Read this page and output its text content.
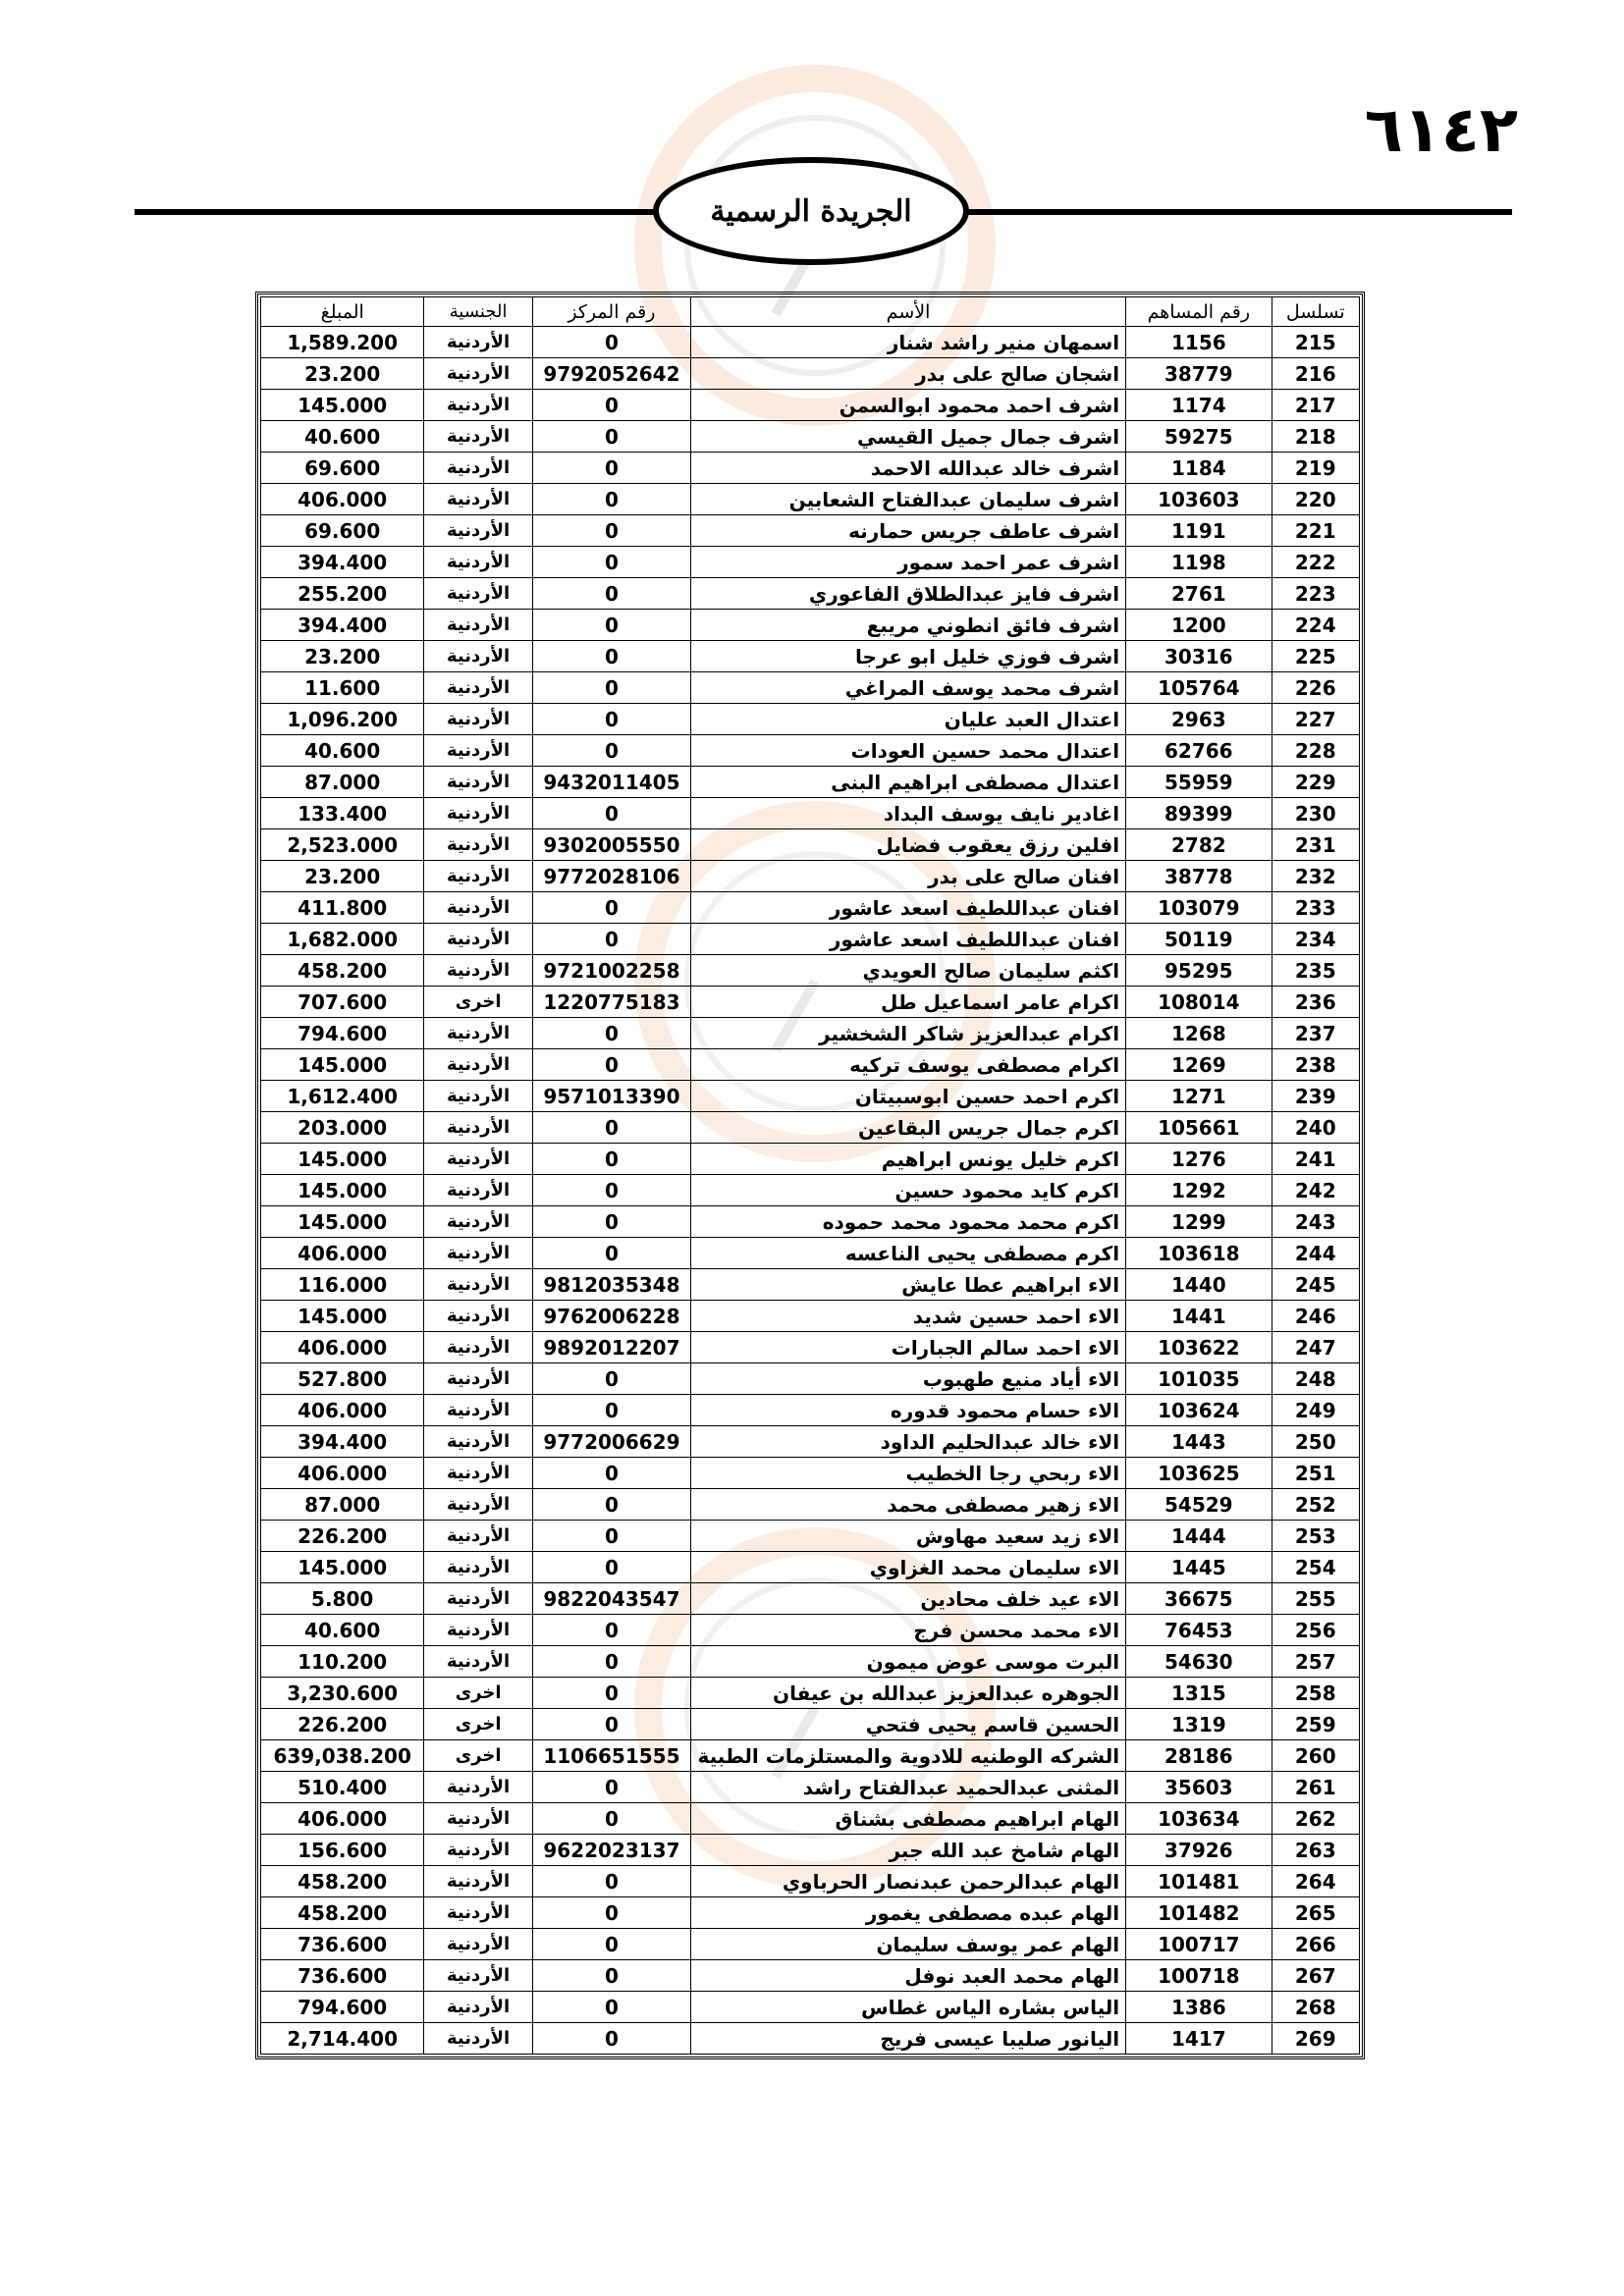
٦١٤٢
الجريدة الرسمية
تسلسل	رقم المساهم	الأسم	رقم المركز	الجنسية	المبلغ
215	1156	اسمهان منير راشد شنار	0	الأردنية	1,589.200
216	38779	اشجان صالح على بدر	9792052642	الأردنية	23.200
217	1174	اشرف احمد محمود ابوالسمن	0	الأردنية	145.000
218	59275	اشرف جمال جميل القيسي	0	الأردنية	40.600
219	1184	اشرف خالد عبدالله الاحمد	0	الأردنية	69.600
220	103603	اشرف سليمان عبدالفتاح الشعابين	0	الأردنية	406.000
221	1191	اشرف عاطف جريس حمارنه	0	الأردنية	69.600
222	1198	اشرف عمر احمد سمور	0	الأردنية	394.400
223	2761	اشرف فايز عبدالطلاق الفاعوري	0	الأردنية	255.200
224	1200	اشرف فائق انطوني مريبع	0	الأردنية	394.400
225	30316	اشرف فوزي خليل ابو عرجا	0	الأردنية	23.200
226	105764	اشرف محمد يوسف المراغي	0	الأردنية	11.600
227	2963	اعتدال العبد عليان	0	الأردنية	1,096.200
228	62766	اعتدال محمد حسين العودات	0	الأردنية	40.600
229	55959	اعتدال مصطفى ابراهيم البنى	9432011405	الأردنية	87.000
230	89399	اغادير نايف يوسف البداد	0	الأردنية	133.400
231	2782	افلين رزق يعقوب فضايل	9302005550	الأردنية	2,523.000
232	38778	افنان صالح على بدر	9772028106	الأردنية	23.200
233	103079	افنان عبداللطيف اسعد عاشور	0	الأردنية	411.800
234	50119	افنان عبداللطيف اسعد عاشور	0	الأردنية	1,682.000
235	95295	اكثم سليمان صالح العويدي	9721002258	الأردنية	458.200
236	108014	اكرام عامر اسماعيل طل	1220775183	اخرى	707.600
237	1268	اكرام عبدالعزيز شاكر الشخشير	0	الأردنية	794.600
238	1269	اكرام مصطفى يوسف تركيه	0	الأردنية	145.000
239	1271	اكرم احمد حسين ابوسبيتان	9571013390	الأردنية	1,612.400
240	105661	اكرم جمال جريس البقاعين	0	الأردنية	203.000
241	1276	اكرم خليل يونس ابراهيم	0	الأردنية	145.000
242	1292	اكرم كايد محمود حسين	0	الأردنية	145.000
243	1299	اكرم محمد محمود محمد حموده	0	الأردنية	145.000
244	103618	اكرم مصطفى يحيى الناعسه	0	الأردنية	406.000
245	1440	الاء ابراهيم عطا عايش	9812035348	الأردنية	116.000
246	1441	الاء احمد حسين شديد	9762006228	الأردنية	145.000
247	103622	الاء احمد سالم الجبارات	9892012207	الأردنية	406.000
248	101035	الاء أياد منيع طهبوب	0	الأردنية	527.800
249	103624	الاء حسام محمود قدوره	0	الأردنية	406.000
250	1443	الاء خالد عبدالحليم الداود	9772006629	الأردنية	394.400
251	103625	الاء ربحي رجا الخطيب	0	الأردنية	406.000
252	54529	الاء زهير مصطفى محمد	0	الأردنية	87.000
253	1444	الاء زيد سعيد مهاوش	0	الأردنية	226.200
254	1445	الاء سليمان محمد الغزاوي	0	الأردنية	145.000
255	36675	الاء عيد خلف محادين	9822043547	الأردنية	5.800
256	76453	الاء محمد محسن فرج	0	الأردنية	40.600
257	54630	البرت موسى عوض ميمون	0	الأردنية	110.200
258	1315	الجوهره عبدالعزيز عبدالله بن عيفان	0	اخرى	3,230.600
259	1319	الحسين قاسم يحيى فتحي	0	اخرى	226.200
260	28186	الشركه الوطنيه للادوية والمستلزمات الطبية	1106651555	اخرى	639,038.200
261	35603	المثنى عبدالحميد عبدالفتاح راشد	0	الأردنية	510.400
262	103634	الهام ابراهيم مصطفى بشناق	0	الأردنية	406.000
263	37926	الهام شامخ عبد الله جبر	9622023137	الأردنية	156.600
264	101481	الهام عبدالرحمن عبدنصار الحرباوي	0	الأردنية	458.200
265	101482	الهام عبده مصطفى يغمور	0	الأردنية	458.200
266	100717	الهام عمر يوسف سليمان	0	الأردنية	736.600
267	100718	الهام محمد العبد نوفل	0	الأردنية	736.600
268	1386	الياس بشاره الياس غطاس	0	الأردنية	794.600
269	1417	اليانور صليبا عيسى فريج	0	الأردنية	2,714.400
